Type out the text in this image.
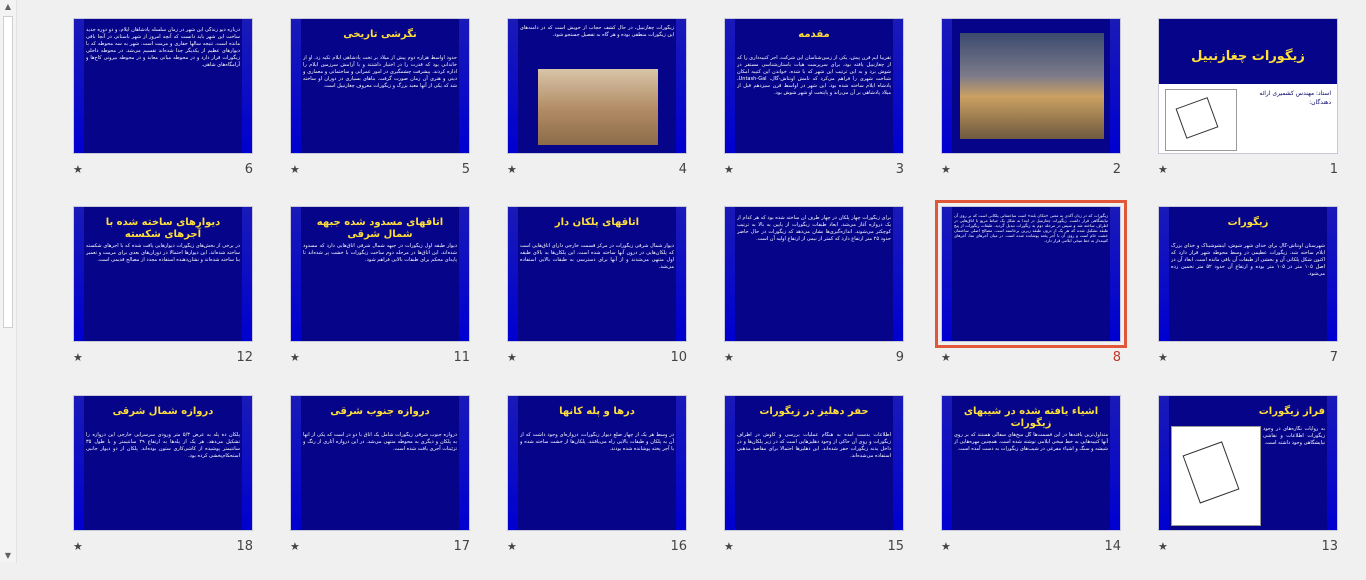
▲
▼
زیگورات چغازنبیل
استاد: مهندس کشمیری ارائه دهندگان:
★	1
★	2
مقدمه
تقریبا ایم قرن پیش، یکی از زمین‌شناسان این شرکت، اجر کتیبه‌داری را که از چغازنبیل یافته بود، برای سرپرست هیات باستان‌شناسی مستقر در شوش برد و به این ترتیب این شهر که با شده، خواندن این کتیبه امکان شناخت شهری را فراهم می‌کرد که نامش اونتاش-گال، Untash-Gal، پادشاه ایلام ساخته شده بود. این شهر در اواسط قرن سیزدهم قبل از میلاد پادشاهی بر آن می‌راند و پایتخت او شهر شوش بود.
★	3
زیگورات چغازنبیل، در حال کشف حجاب از خویش است که در دامنه‌های این زیگورات منطقی بوده و هر گاه به تفصیل جستجو شود.
★	4
نگرشی تاریخی
حدود اواسط هزاره دوم پیش از میلاد بر تخت پادشاهی ایلام تکیه زد. او از خاندانی بود که قدرت را در اختیار داشتند و با آرامش سرزمین ایلام را اداره کردند. پیشرفت چشمگیری در امور عمرانی و ساختمانی و معماری و دینی و هنری آن زمان صورت گرفت. بناهای بسیاری در دوران او ساخته شد که یکی از آنها معبد بزرگ و زیگورات معروف چغازنبیل است.
★	5
درباره دیو زندگی این شهر در زمان سلسله پادشاهان ایلام، و دو دوره جدید ساخت این شهر باید دانست که آنچه امروز از شهر باستانی در آنجا باقی مانده است، نتیجه سالها حفاری و مرمت است. شهر به سه محوطه که با دیوارهای عظیم از یکدیگر جدا شده‌اند تقسیم می‌شد. در محوطه داخلی زیگورات قرار دارد و در محوطه میانی معابد و در محوطه بیرونی کاخ‌ها و آرامگاه‌های شاهی.
★	6
زیگورات
شهرستان اونتاش-گال برای خدای شهر شوش، اینشوشیناک و خدای بزرگ ایلام ساخته شد. زیگورات عظیمی در وسط محوطه شهر قرار دارد که اکنون شکل پلکانی آن و بخشی از طبقات آن باقی مانده است. ابعاد آن در اصل ۱۰۵ متر در ۱۰۵ متر بوده و ارتفاع آن حدود ۵۲ متر تخمین زده می‌شود.
★	7
زیگورات که در زبان آکدی به معنی «مکان بلند» است ساختمانی پلکانی است که بر روی آن نیایشگاهی قرار داشت. زیگورات چغازنبیل در ابتدا به شکل یک حیاط مربع با اتاق‌هایی در اطراف ساخته شد و سپس در مرحله دوم به زیگورات تبدیل گردید. طبقات زیگورات از پنج طبقه تشکیل شده که هر یک از درون طبقه زیرین برخاسته است. مصالح اصلی ساختمان خشت خام است و روی آن با آجر پخته پوشانده شده است. در میان آجرهای نما، آجرهای کتیبه‌دار به خط میخی ایلامی قرار دارد.
★	8
برای زیگورات چهار پلکان در چهار طرف آن ساخته شده بود که هر کدام از یک دروازه آغاز می‌شد. ابعاد طبقات زیگورات از پایین به بالا به ترتیب کوچکتر می‌شوند. اندازه‌گیری‌ها نشان می‌دهد که زیگورات در حال حاضر حدود ۲۵ متر ارتفاع دارد که کمتر از نیمی از ارتفاع اولیه آن است.
★	9
اتاقهای پلکان دار
دیوار شمال شرقی زیگورات در مرکز قسمت خارجی دارای اتاق‌هایی است که پلکان‌هایی در درون آنها ساخته شده است. این پلکان‌ها به بالای طبقه اول منتهی می‌شدند و از آنها برای دسترسی به طبقات بالایی استفاده می‌شد.
★	10
اتاقهای مسدود شده جبهه شمال شرقی
دیوار طبقه اول زیگورات در جبهه شمال شرقی اتاق‌هایی دارد که مسدود شده‌اند. این اتاق‌ها در مرحله دوم ساخت زیگورات با خشت پر شده‌اند تا پایه‌ای محکم برای طبقات بالایی فراهم شود.
★	11
دیوارهای ساخته شده با آجرهای شکسته
در برخی از بخش‌های زیگورات دیوارهایی یافت شده که با آجرهای شکسته ساخته شده‌اند. این دیوارها احتمالا در دوران‌های بعدی برای مرمت و تعمیر بنا ساخته شده‌اند و نشان‌دهنده استفاده مجدد از مصالح قدیمی است.
★	12
فراز زیگورات
به روایات نگاره‌های در وجود زیگورات اطلاعات و نقاشی نیایشگاهی وجود داشته است.
★	13
اشیاء یافته شده در شیبهای زیگورات
متداول‌ترین یافته‌ها در این قسمت‌ها گل میخ‌های سفالی هستند که بر روی آنها کتیبه‌هایی به خط میخی ایلامی نوشته شده است. همچنین مهره‌هایی از شیشه و سنگ و اشیاء مفرغی در شیب‌های زیگورات به دست آمده است.
★	14
حفر دهلیز در زیگورات
اطلاعات بدست آمده به هنگام عملیات بررسی و کاوش در اطراف زیگورات و روی آن حاکی از وجود دهلیزهایی است که در زیر پلکان‌ها و در داخل بدنه زیگورات حفر شده‌اند. این دهلیزها احتمالا برای مقاصد مذهبی استفاده می‌شده‌اند.
★	15
درها و پله کانها
در وسط هر یک از چهار ضلع دیوار زیگورات، دروازه‌ای وجود داشت که از آن به پلکان و طبقات بالایی راه می‌یافتند. پلکان‌ها از خشت ساخته شده و با آجر پخته پوشانده شده بودند.
★	16
دروازه جنوب شرقی
دروازه جنوب شرقی زیگورات شامل یک اتاق با دو در است که یکی از آنها به پلکان و دیگری به محوطه منتهی می‌شد. در این دروازه آثاری از رنگ و تزئینات آجری یافت شده است.
★	17
دروازه شمال شرقی
پلکان ده پله به عرض ۵/۳ متر ورودی سرسرایی خارجی این دروازه را تشکیل می‌دهد. هر یک از پله‌ها به ارتفاع ۲۹ سانتیمتر و با طول ۳۵ سانتیمتر پوشیده از کاشی‌کاری ستون بوده‌اند. پلکان از دو دیوار جانبی استحکام‌بخشی کرده بود.
★	18
